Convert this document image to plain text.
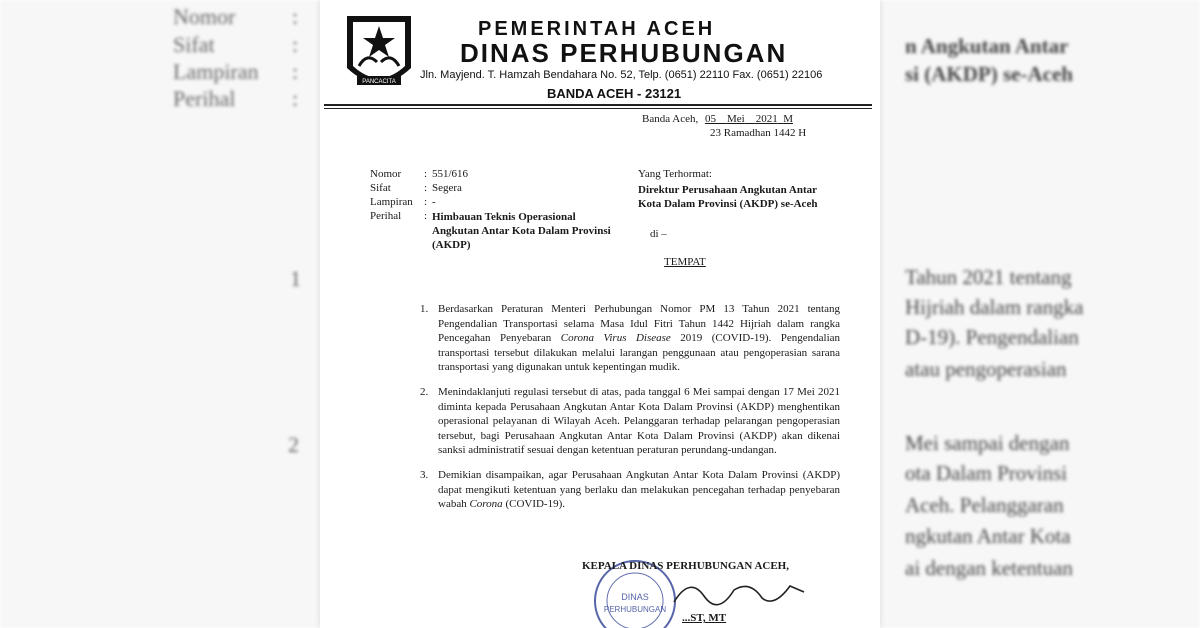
Nomor
Sifat
Lampiran
Perihal
:
:
:
:
1
2
n Angkutan Antar
si (AKDP) se-Aceh
Tahun 2021 tentang
Hijriah dalam rangka
D-19). Pengendalian
atau pengoperasian
Mei sampai dengan
ota Dalam Provinsi
Aceh. Pelanggaran
ngkutan Antar Kota
ai dengan ketentuan
PANCACITA
PEMERINTAH ACEH
DINAS PERHUBUNGAN
Jln. Mayjend. T. Hamzah Bendahara No. 52, Telp. (0651) 22110 Fax. (0651) 22106
BANDA ACEH - 23121
Banda Aceh, 05 Mei 2021 M
23 Ramadhan 1442 H
Nomor : 551/616
Sifat	: Segera
Lampiran : -
Perihal : Himbauan Teknis Operasional Angkutan Antar Kota Dalam Provinsi (AKDP)
Yang Terhormat:
Direktur Perusahaan Angkutan Antar
Kota Dalam Provinsi (AKDP) se-Aceh
di –
TEMPAT
1. Berdasarkan Peraturan Menteri Perhubungan Nomor PM 13 Tahun 2021 tentang Pengendalian Transportasi selama Masa Idul Fitri Tahun 1442 Hijriah dalam rangka Pencegahan Penyebaran Corona Virus Disease 2019 (COVID-19). Pengendalian transportasi tersebut dilakukan melalui larangan penggunaan atau pengoperasian sarana transportasi yang digunakan untuk kepentingan mudik.
2. Menindaklanjuti regulasi tersebut di atas, pada tanggal 6 Mei sampai dengan 17 Mei 2021 diminta kepada Perusahaan Angkutan Antar Kota Dalam Provinsi (AKDP) menghentikan operasional pelayanan di Wilayah Aceh. Pelanggaran terhadap pelarangan pengoperasian tersebut, bagi Perusahaan Angkutan Antar Kota Dalam Provinsi (AKDP) akan dikenai sanksi administratif sesuai dengan ketentuan peraturan perundang-undangan.
3. Demikian disampaikan, agar Perusahaan Angkutan Antar Kota Dalam Provinsi (AKDP) dapat mengikuti ketentuan yang berlaku dan melakukan pencegahan terhadap penyebaran wabah Corona (COVID-19).
DINAS
PERHUBUNGAN
KEPALA DINAS PERHUBUNGAN ACEH,
...ST, MT
